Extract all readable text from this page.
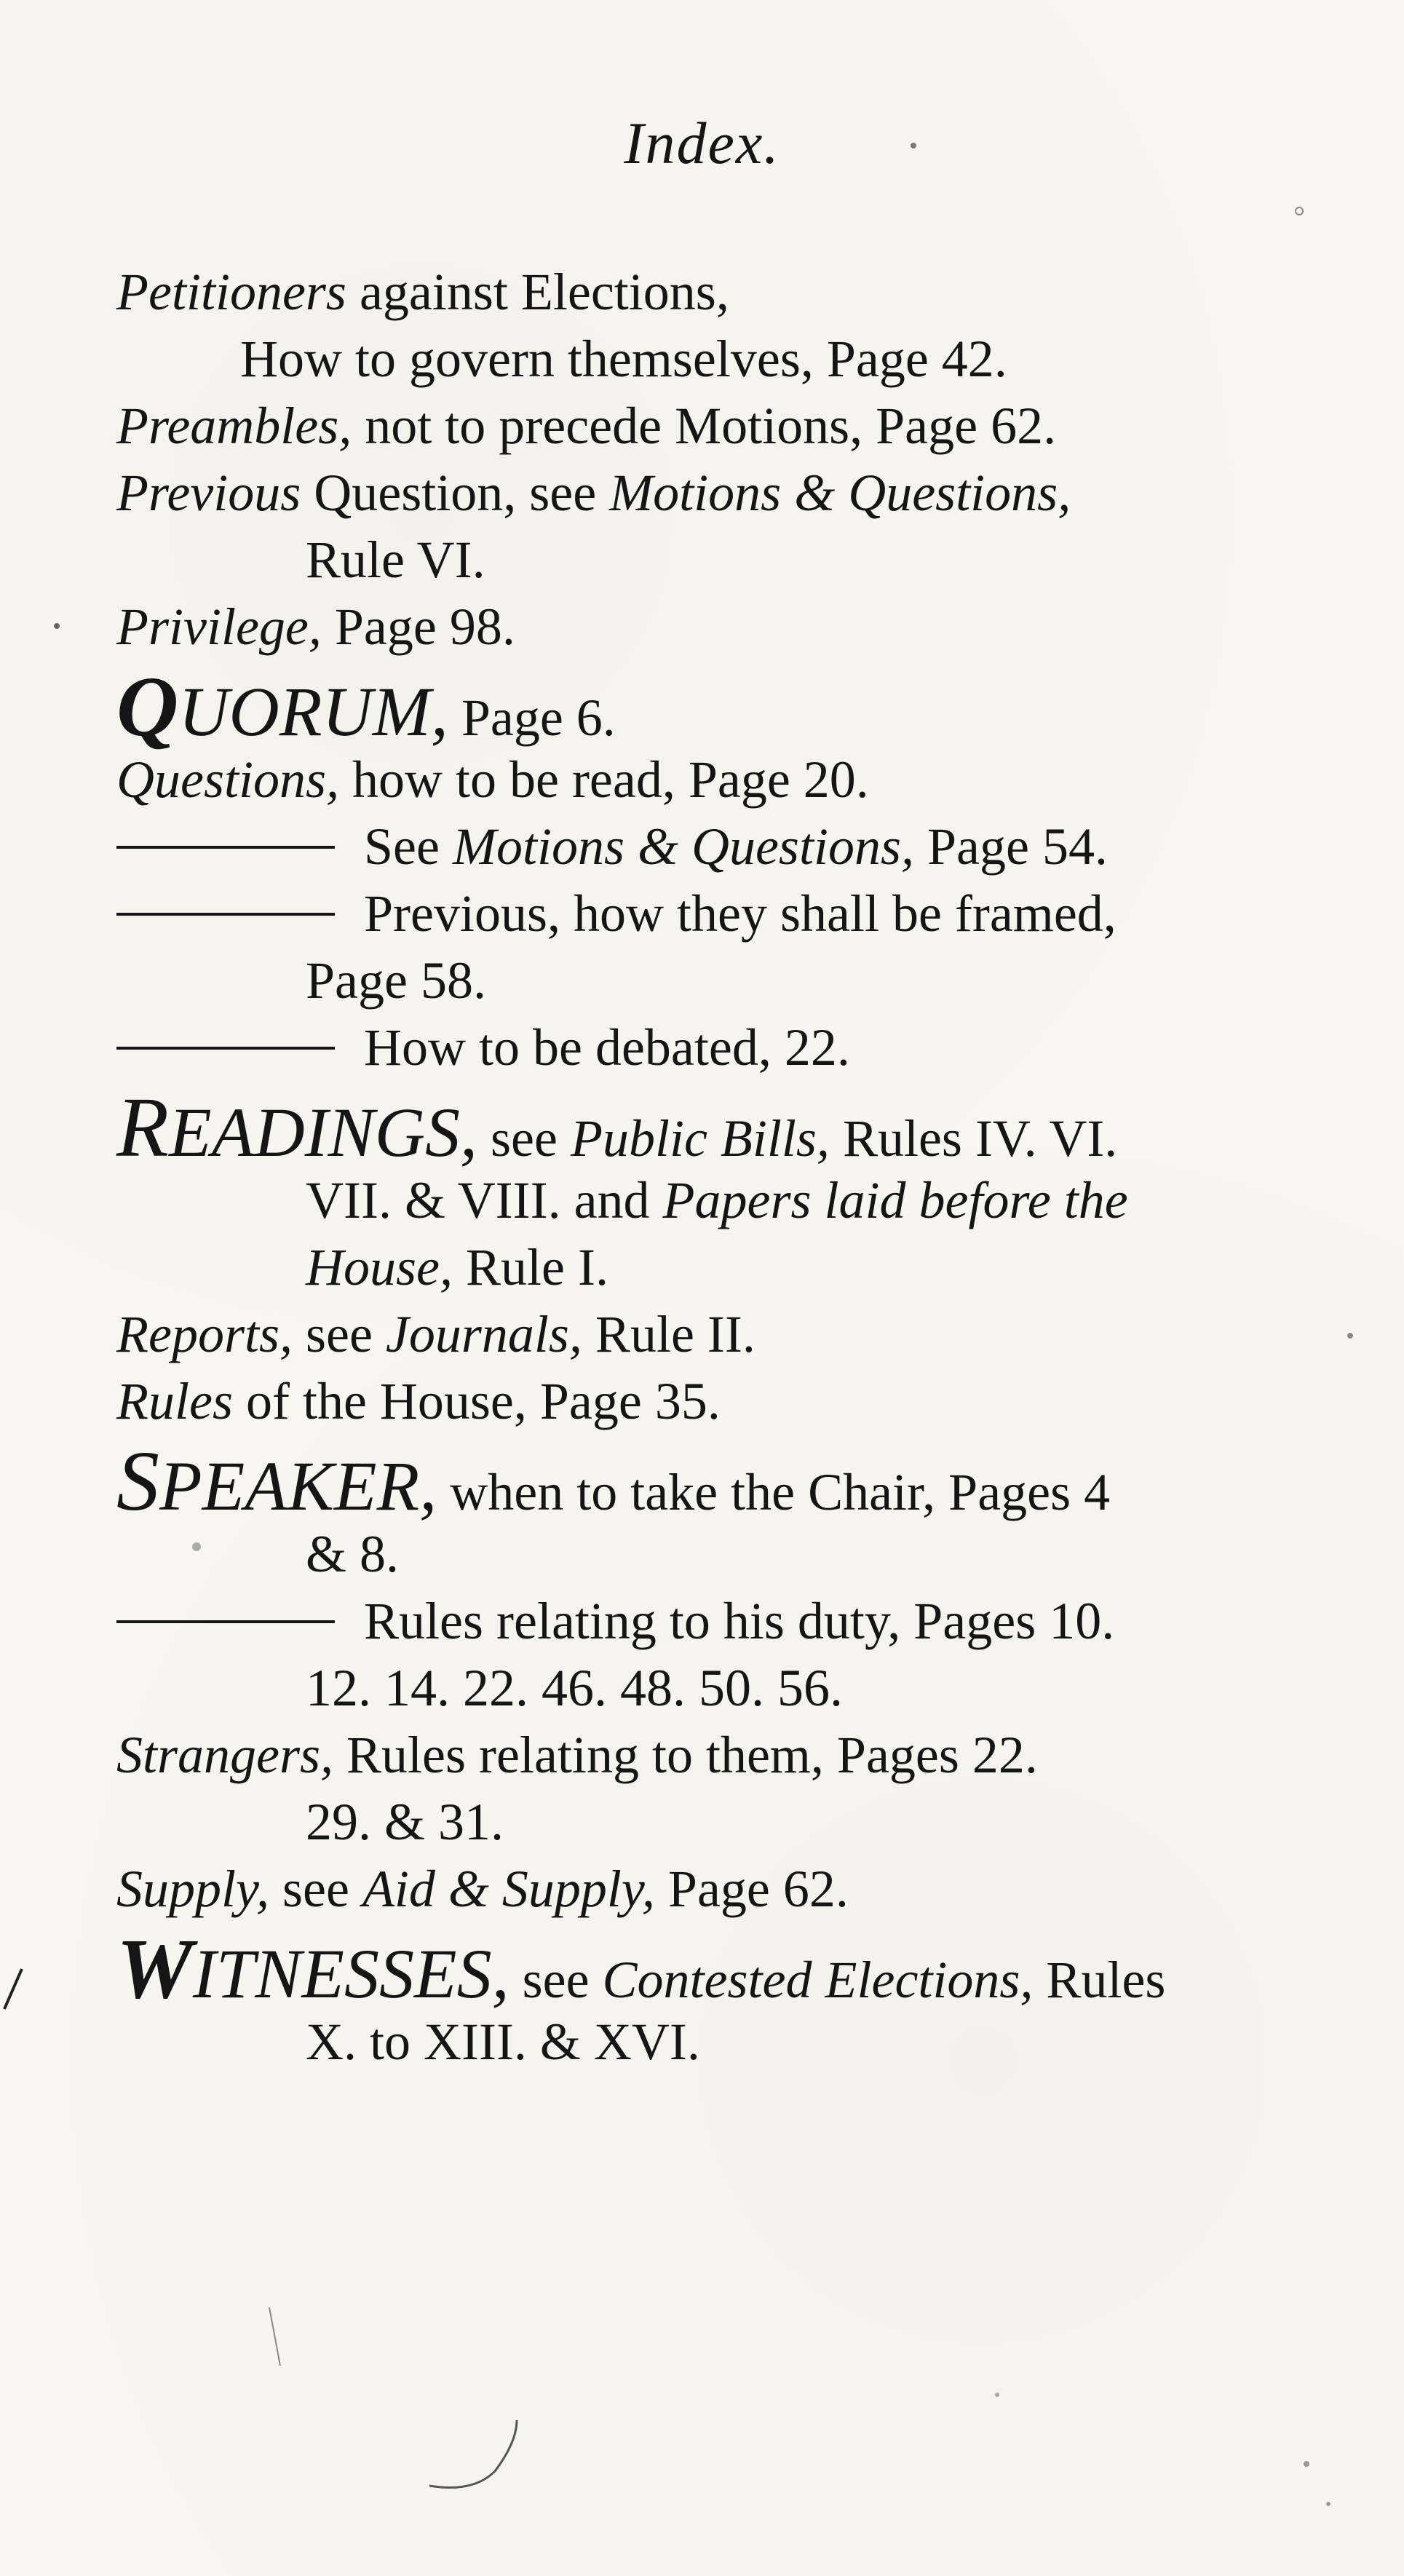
Index.
Petitioners against Elections,
How to govern themselves, Page 42.
Preambles, not to precede Motions, Page 62.
Previous Question, see Motions & Questions,
Rule VI.
Privilege, Page 98.
QUORUM, Page 6.
Questions, how to be read, Page 20.
See Motions & Questions, Page 54.
Previous, how they shall be framed,
Page 58.
How to be debated, 22.
READINGS, see Public Bills, Rules IV. VI.
VII. & VIII. and Papers laid before the
House, Rule I.
Reports, see Journals, Rule II.
Rules of the House, Page 35.
SPEAKER, when to take the Chair, Pages 4
& 8.
Rules relating to his duty, Pages 10.
12. 14. 22. 46. 48. 50. 56.
Strangers, Rules relating to them, Pages 22.
29. & 31.
Supply, see Aid & Supply, Page 62.
WITNESSES, see Contested Elections, Rules
X. to XIII. & XVI.
